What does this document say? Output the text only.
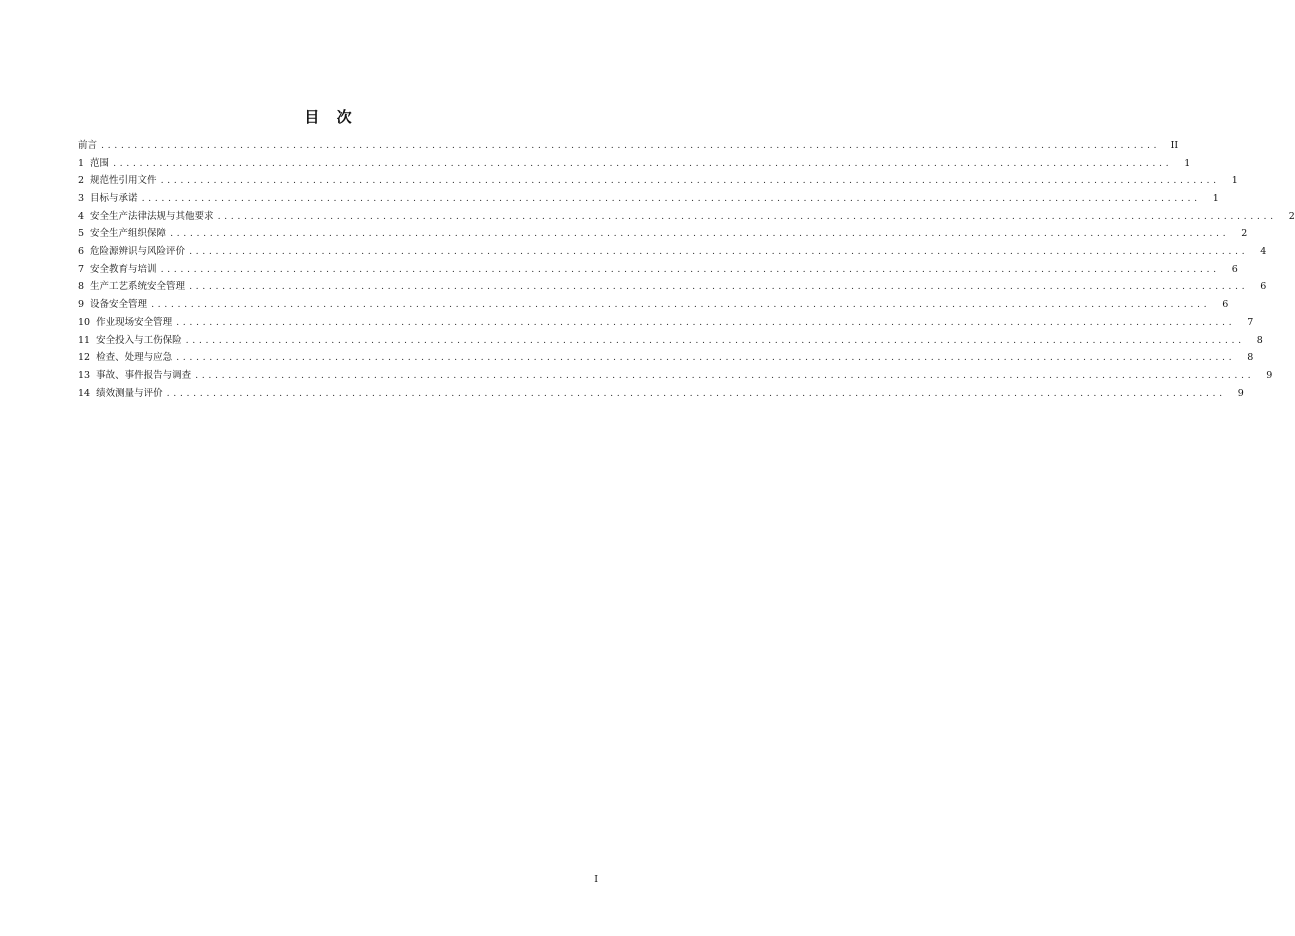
目 次
前言 ................................................................................................................................................................	II
1 范围 ................................................................................................................................................................	1
2 规范性引用文件 ................................................................................................................................................................	1
3 目标与承诺 ................................................................................................................................................................	1
4 安全生产法律法规与其他要求 ................................................................................................................................................................	2
5 安全生产组织保障 ................................................................................................................................................................	2
6 危险源辨识与风险评价 ................................................................................................................................................................	4
7 安全教育与培训 ................................................................................................................................................................	6
8 生产工艺系统安全管理 ................................................................................................................................................................	6
9 设备安全管理 ................................................................................................................................................................	6
10 作业现场安全管理 ................................................................................................................................................................	7
11 安全投入与工伤保险 ................................................................................................................................................................	8
12 检查、处理与应急 ................................................................................................................................................................	8
13 事故、事件报告与调查 ................................................................................................................................................................	9
14 绩效测量与评价 ................................................................................................................................................................	9
I
